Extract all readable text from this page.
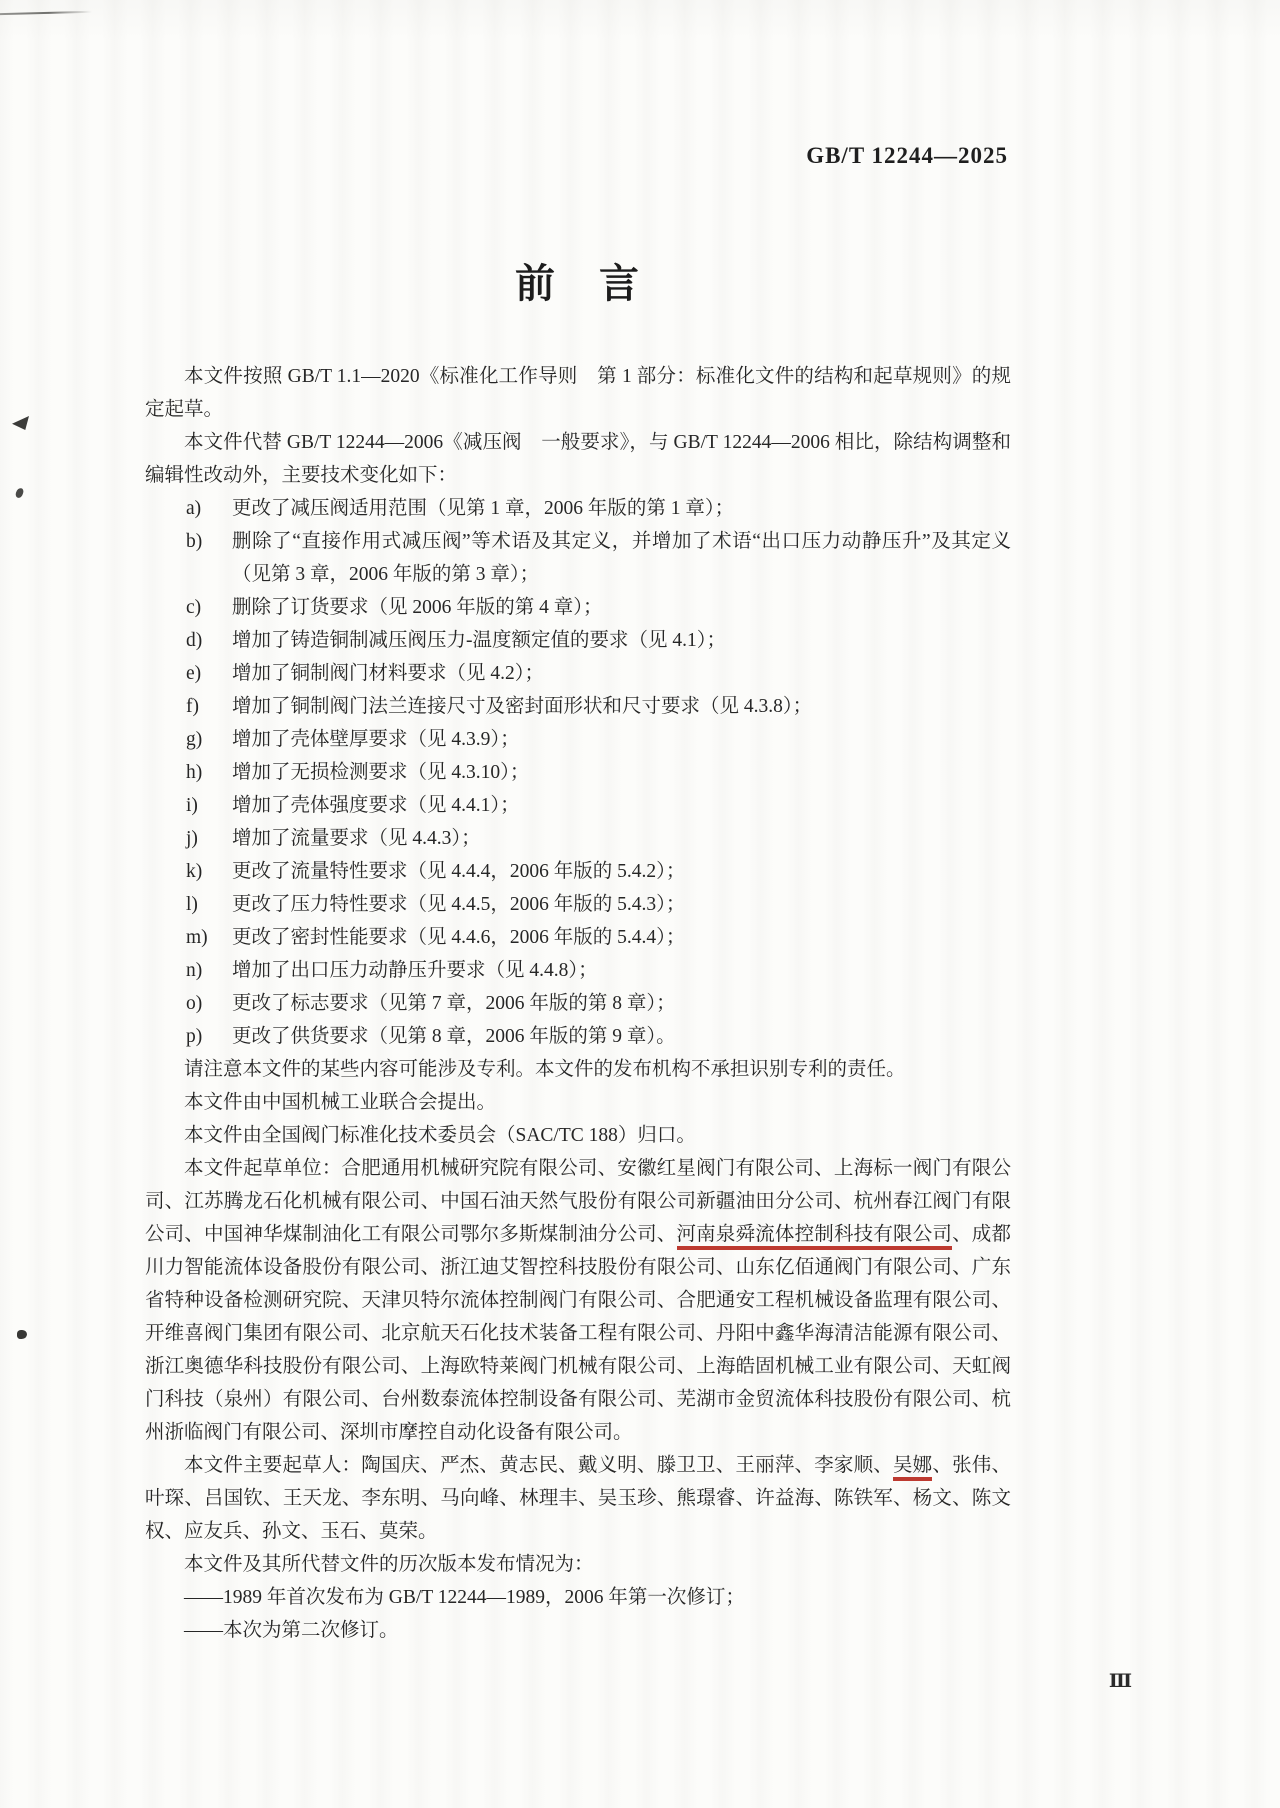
GB/T 12244—2025
前　言

本文件按照 GB/T 1.1—2020《标准化工作导则　第 1 部分：标准化文件的结构和起草规则》的规定起草。

本文件代替 GB/T 12244—2006《减压阀　一般要求》，与 GB/T 12244—2006 相比，除结构调整和编辑性改动外，主要技术变化如下：

a)	更改了减压阀适用范围（见第 1 章，2006 年版的第 1 章）；
b)	删除了“直接作用式减压阀”等术语及其定义，并增加了术语“出口压力动静压升”及其定义（见第 3 章，2006 年版的第 3 章）；
c)	删除了订货要求（见 2006 年版的第 4 章）；
d)	增加了铸造铜制减压阀压力-温度额定值的要求（见 4.1）；
e)	增加了铜制阀门材料要求（见 4.2）；
f)	增加了铜制阀门法兰连接尺寸及密封面形状和尺寸要求（见 4.3.8）；
g)	增加了壳体壁厚要求（见 4.3.9）；
h)	增加了无损检测要求（见 4.3.10）；
i)	增加了壳体强度要求（见 4.4.1）；
j)	增加了流量要求（见 4.4.3）；
k)	更改了流量特性要求（见 4.4.4，2006 年版的 5.4.2）；
l)	更改了压力特性要求（见 4.4.5，2006 年版的 5.4.3）；
m)	更改了密封性能要求（见 4.4.6，2006 年版的 5.4.4）；
n)	增加了出口压力动静压升要求（见 4.4.8）；
o)	更改了标志要求（见第 7 章，2006 年版的第 8 章）；
p)	更改了供货要求（见第 8 章，2006 年版的第 9 章）。

请注意本文件的某些内容可能涉及专利。本文件的发布机构不承担识别专利的责任。

本文件由中国机械工业联合会提出。

本文件由全国阀门标准化技术委员会（SAC/TC 188）归口。

本文件起草单位：合肥通用机械研究院有限公司、安徽红星阀门有限公司、上海标一阀门有限公司、江苏腾龙石化机械有限公司、中国石油天然气股份有限公司新疆油田分公司、杭州春江阀门有限公司、中国神华煤制油化工有限公司鄂尔多斯煤制油分公司、河南泉舜流体控制科技有限公司、成都川力智能流体设备股份有限公司、浙江迪艾智控科技股份有限公司、山东亿佰通阀门有限公司、广东省特种设备检测研究院、天津贝特尔流体控制阀门有限公司、合肥通安工程机械设备监理有限公司、开维喜阀门集团有限公司、北京航天石化技术装备工程有限公司、丹阳中鑫华海清洁能源有限公司、浙江奥德华科技股份有限公司、上海欧特莱阀门机械有限公司、上海皓固机械工业有限公司、天虹阀门科技（泉州）有限公司、台州数泰流体控制设备有限公司、芜湖市金贸流体科技股份有限公司、杭州浙临阀门有限公司、深圳市摩控自动化设备有限公司。

本文件主要起草人：陶国庆、严杰、黄志民、戴义明、滕卫卫、王丽萍、李家顺、吴娜、张伟、叶琛、吕国钦、王天龙、李东明、马向峰、林理丰、吴玉珍、熊璟睿、许益海、陈铁军、杨文、陈文权、应友兵、孙文、玉石、莫荣。

本文件及其所代替文件的历次版本发布情况为：

——1989 年首次发布为 GB/T 12244—1989，2006 年第一次修订；

——本次为第二次修订。

Ⅲ
